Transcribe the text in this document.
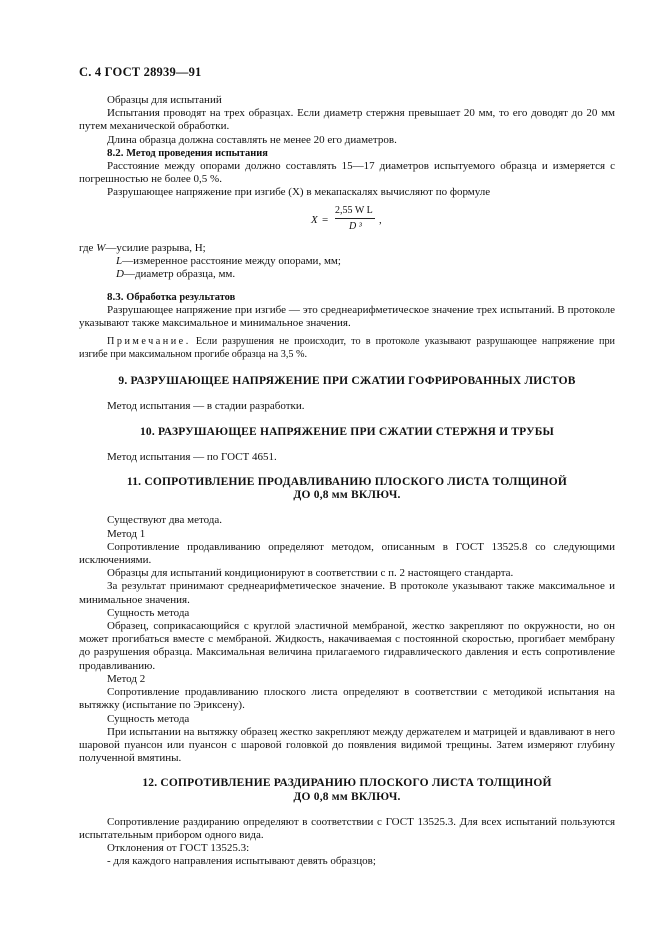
С. 4 ГОСТ 28939—91

Образцы для испытаний

Испытания проводят на трех образцах. Если диаметр стержня превышает 20 мм, то его доводят до 20 мм путем механической обработки.

Длина образца должна составлять не менее 20 его диаметров.

8.2. Метод проведения испытания

Расстояние между опорами должно составлять 15—17 диаметров испытуемого образца и измеряется с погрешностью не более 0,5 %.

Разрушающее напряжение при изгибе (X) в мекапаскалях вычисляют по формуле

X =
2,55 W L
D ³
,
где W—усилие разрыва, Н;
L—измеренное расстояние между опорами, мм;
D—диаметр образца, мм.

8.3. Обработка результатов

Разрушающее напряжение при изгибе — это среднеарифметическое значение трех испытаний. В протоколе указывают также максимальное и минимальное значения.

Примечание. Если разрушения не происходит, то в протоколе указывают разрушающее напряжение при изгибе при максимальном прогибе образца на 3,5 %.

9. РАЗРУШАЮЩЕЕ НАПРЯЖЕНИЕ ПРИ СЖАТИИ ГОФРИРОВАННЫХ ЛИСТОВ

Метод испытания — в стадии разработки.

10. РАЗРУШАЮЩЕЕ НАПРЯЖЕНИЕ ПРИ СЖАТИИ СТЕРЖНЯ И ТРУБЫ

Метод испытания — по ГОСТ 4651.

11. СОПРОТИВЛЕНИЕ ПРОДАВЛИВАНИЮ ПЛОСКОГО ЛИСТА ТОЛЩИНОЙ

ДО 0,8 мм ВКЛЮЧ.

Существуют два метода.

Метод 1

Сопротивление продавливанию определяют методом, описанным в ГОСТ 13525.8 со следующими исключениями.

Образцы для испытаний кондиционируют в соответствии с п. 2 настоящего стандарта.

За результат принимают среднеарифметическое значение. В протоколе указывают также максимальное и минимальное значения.

Сущность метода

Образец, соприкасающийся с круглой эластичной мембраной, жестко закрепляют по окружности, но он может прогибаться вместе с мембраной. Жидкость, накачиваемая с постоянной скоростью, прогибает мембрану до разрушения образца. Максимальная величина прилагаемого гидравлического давления и есть сопротивление продавливанию.

Метод 2

Сопротивление продавливанию плоского листа определяют в соответствии с методикой испытания на вытяжку (испытание по Эриксену).

Сущность метода

При испытании на вытяжку образец жестко закрепляют между держателем и матрицей и вдавливают в него шаровой пуансон или пуансон с шаровой головкой до появления видимой трещины. Затем измеряют глубину полученной вмятины.

12. СОПРОТИВЛЕНИЕ РАЗДИРАНИЮ ПЛОСКОГО ЛИСТА ТОЛЩИНОЙ

ДО 0,8 мм ВКЛЮЧ.

Сопротивление раздиранию определяют в соответствии с ГОСТ 13525.3. Для всех испытаний пользуются испытательным прибором одного вида.

Отклонения от ГОСТ 13525.3:

- для каждого направления испытывают девять образцов;
